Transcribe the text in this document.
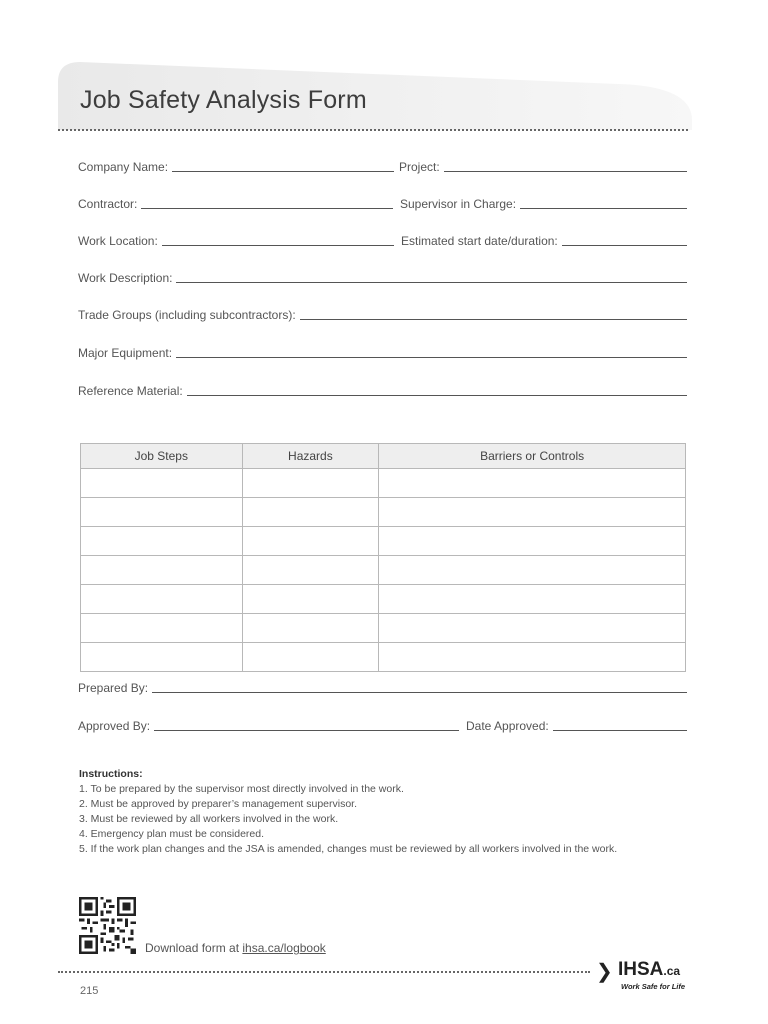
Job Safety Analysis Form
Company Name:	Project:
Contractor:	Supervisor in Charge:
Work Location:	Estimated start date/duration:
Work Description:
Trade Groups (including subcontractors):
Major Equipment:
Reference Material:
Job Steps	Hazards	Barriers or Controls

Prepared By:
Approved By:	Date Approved:
Instructions:
1. To be prepared by the supervisor most directly involved in the work.
2. Must be approved by preparer’s management supervisor.
3. Must be reviewed by all workers involved in the work.
4. Emergency plan must be considered.
5. If the work plan changes and the JSA is amended, changes must be reviewed by all workers involved in the work.
Download form at ihsa.ca/logbook
❯ IHSA.ca
Work Safe for Life
215
